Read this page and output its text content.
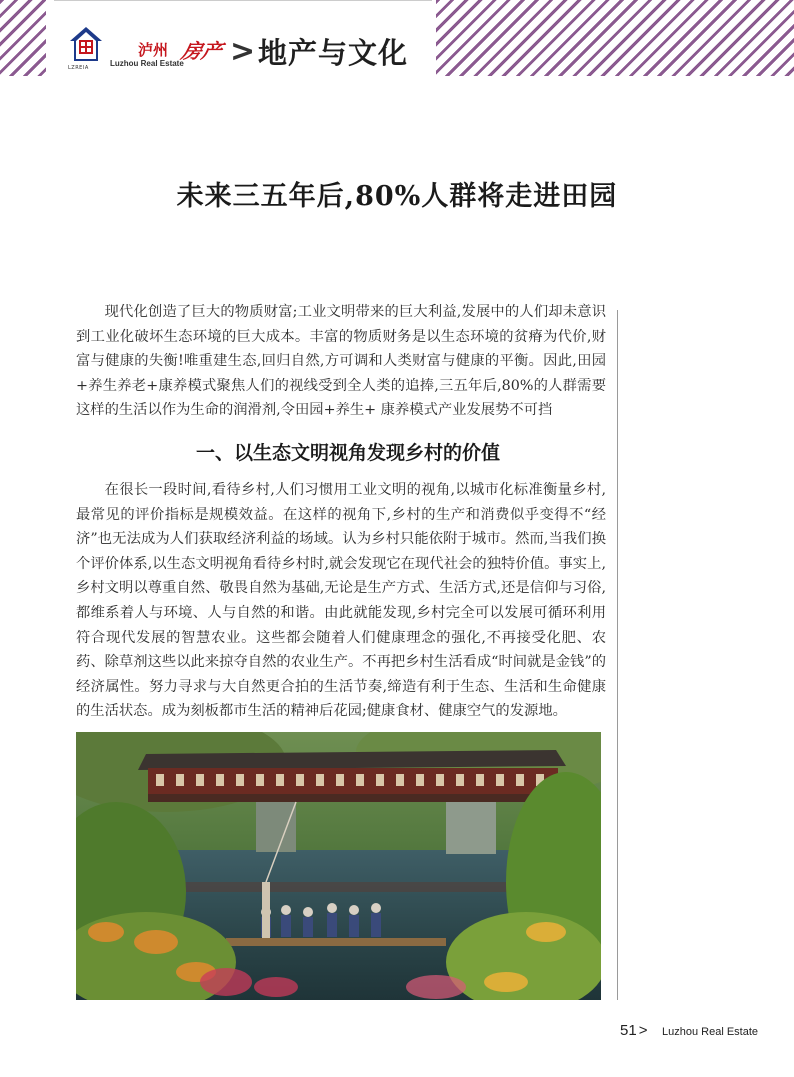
LZREIA
泸州 房产
Luzhou Real Estate > 地产与文化
未来三五年后,80%人群将走进田园

现代化创造了巨大的物质财富;工业文明带来的巨大利益,发展中的人们却未意识到工业化破坏生态环境的巨大成本。丰富的物质财务是以生态环境的贫瘠为代价,财富与健康的失衡!唯重建生态,回归自然,方可调和人类财富与健康的平衡。因此,田园+养生养老+康养模式聚焦人们的视线受到全人类的追捧,三五年后,80%的人群需要这样的生活以作为生命的润滑剂,令田园+养生+ 康养模式产业发展势不可挡

一、以生态文明视角发现乡村的价值

在很长一段时间,看待乡村,人们习惯用工业文明的视角,以城市化标准衡量乡村,最常见的评价指标是规模效益。在这样的视角下,乡村的生产和消费似乎变得不“经济”也无法成为人们获取经济利益的场域。认为乡村只能依附于城市。然而,当我们换个评价体系,以生态文明视角看待乡村时,就会发现它在现代社会的独特价值。事实上,乡村文明以尊重自然、敬畏自然为基础,无论是生产方式、生活方式,还是信仰与习俗,都维系着人与环境、人与自然的和谐。由此就能发现,乡村完全可以发展可循环利用符合现代发展的智慧农业。这些都会随着人们健康理念的强化,不再接受化肥、农药、除草剂这些以此来掠夺自然的农业生产。不再把乡村生活看成“时间就是金钱”的经济属性。努力寻求与大自然更合拍的生活节奏,缔造有利于生态、生活和生命健康的生活状态。成为刻板都市生活的精神后花园;健康食材、健康空气的发源地。

51 > Luzhou Real Estate
